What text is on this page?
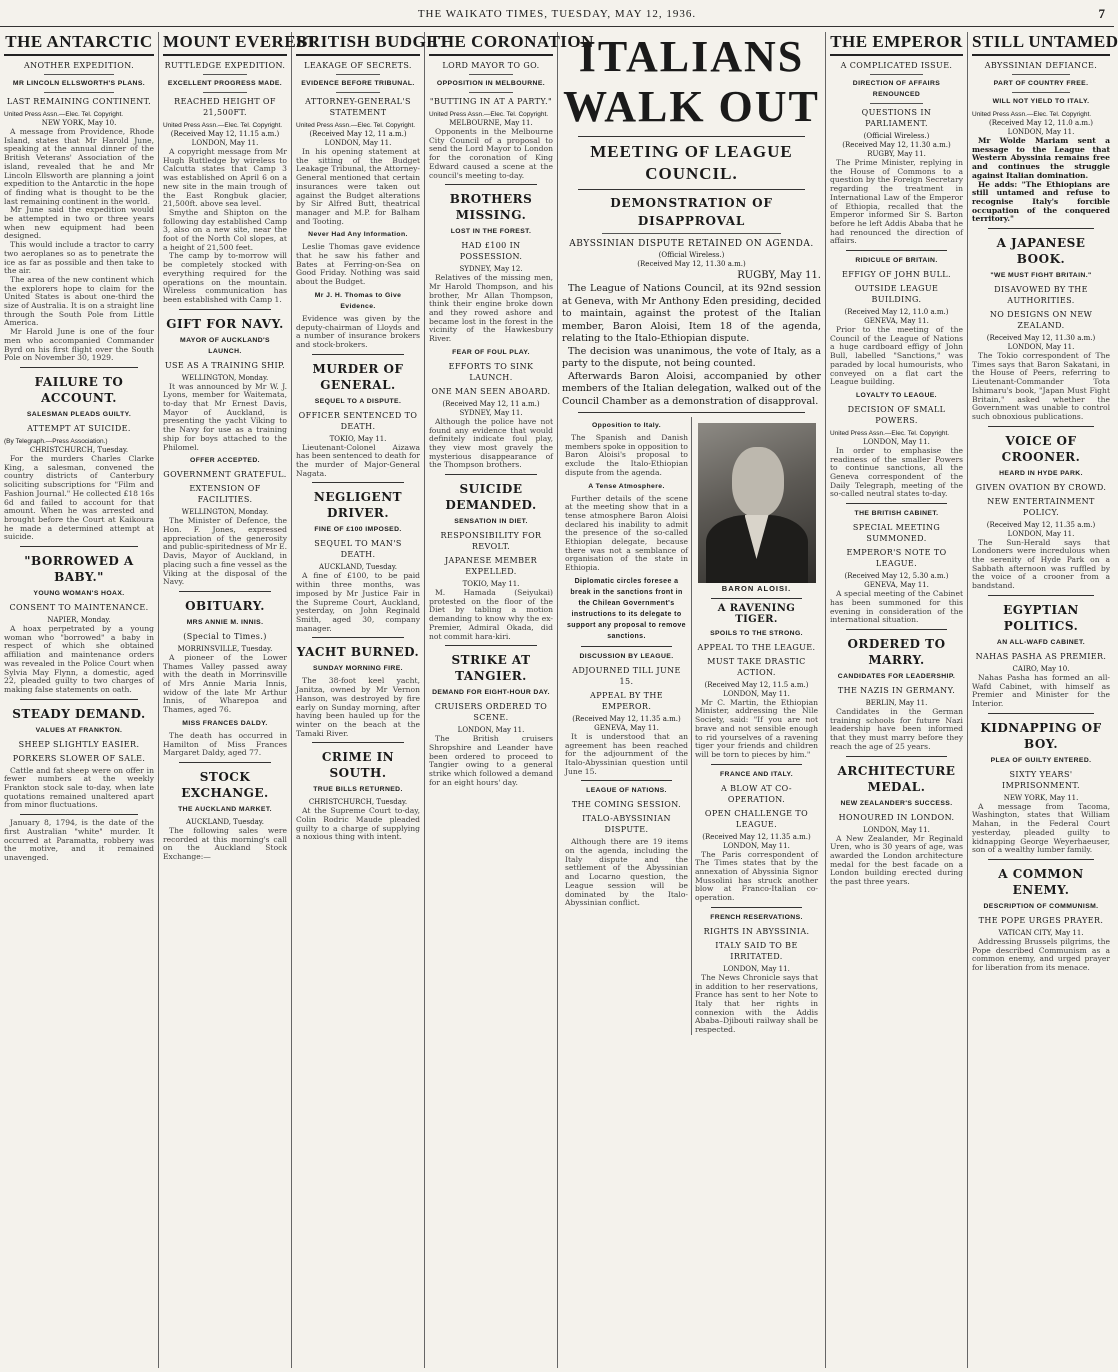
THE WAIKATO TIMES, TUESDAY, MAY 12, 1936.	7
THE ANTARCTIC
ANOTHER EXPEDITION.
MR LINCOLN ELLSWORTH'S PLANS.
LAST REMAINING CONTINENT.
United Press Assn.—Elec. Tel. Copyright.
NEW YORK, May 10.

A message from Providence, Rhode Island, states that Mr Harold June, speaking at the annual dinner of the British Veterans' Association of the island, revealed that he and Mr Lincoln Ellsworth are planning a joint expedition to the Antarctic in the hope of finding what is thought to be the last remaining continent in the world.

Mr June said the expedition would be attempted in two or three years when new equipment had been designed.

This would include a tractor to carry two aeroplanes so as to penetrate the ice as far as possible and then take to the air.

The area of the new continent which the explorers hope to claim for the United States is about one-third the size of Australia. It is on a straight line through the South Pole from Little America.

Mr Harold June is one of the four men who accompanied Commander Byrd on his first flight over the South Pole on November 30, 1929.

FAILURE TO ACCOUNT.
SALESMAN PLEADS GUILTY.
ATTEMPT AT SUICIDE.
(By Telegraph.—Press Association.)
CHRISTCHURCH, Tuesday.

For the murders Charles Clarke King, a salesman, convened the country districts of Canterbury soliciting subscriptions for "Film and Fashion Journal." He collected £18 16s 6d and failed to account for that amount. When he was arrested and brought before the Court at Kaikoura he made a determined attempt at suicide.

"BORROWED A BABY."
YOUNG WOMAN'S HOAX.
CONSENT TO MAINTENANCE.
NAPIER, Monday.

A hoax perpetrated by a young woman who "borrowed" a baby in respect of which she obtained affiliation and maintenance orders was revealed in the Police Court when Sylvia May Flynn, a domestic, aged 22, pleaded guilty to two charges of making false statements on oath.

STEADY DEMAND.
VALUES AT FRANKTON.
SHEEP SLIGHTLY EASIER.
PORKERS SLOWER OF SALE.

Cattle and fat sheep were on offer in fewer numbers at the weekly Frankton stock sale to-day, when late quotations remained unaltered apart from minor fluctuations.

January 8, 1794, is the date of the first Australian "white" murder. It occurred at Paramatta, robbery was the motive, and it remained unavenged.

MOUNT EVEREST
RUTTLEDGE EXPEDITION.
EXCELLENT PROGRESS MADE.
REACHED HEIGHT OF 21,500FT.
United Press Assn.—Elec. Tel. Copyright.
(Received May 12, 11.15 a.m.)
LONDON, May 11.

A copyright message from Mr Hugh Ruttledge by wireless to Calcutta states that Camp 3 was established on April 6 on a new site in the main trough of the East Rongbuk glacier, 21,500ft. above sea level.

Smythe and Shipton on the following day established Camp 3, also on a new site, near the foot of the North Col slopes, at a height of 21,500 feet.

The camp by to-morrow will be completely stocked with everything required for the operations on the mountain. Wireless communication has been established with Camp 1.

GIFT FOR NAVY.
MAYOR OF AUCKLAND'S LAUNCH.
USE AS A TRAINING SHIP.
WELLINGTON, Monday.

It was announced by Mr W. J. Lyons, member for Waitemata, to-day that Mr Ernest Davis, Mayor of Auckland, is presenting the yacht Viking to the Navy for use as a training ship for boys attached to the Philomel.

OFFER ACCEPTED.
GOVERNMENT GRATEFUL.
EXTENSION OF FACILITIES.
WELLINGTON, Monday.

The Minister of Defence, the Hon. F. Jones, expressed appreciation of the generosity and public-spiritedness of Mr E. Davis, Mayor of Auckland, in placing such a fine vessel as the Viking at the disposal of the Navy.

OBITUARY.
MRS ANNIE M. INNIS.
(Special to Times.)
MORRINSVILLE, Tuesday.

A pioneer of the Lower Thames Valley passed away with the death in Morrinsville of Mrs Annie Maria Innis, widow of the late Mr Arthur Innis, of Wharepoa and Thames, aged 76.

MISS FRANCES DALDY.

The death has occurred in Hamilton of Miss Frances Margaret Daldy, aged 77.

STOCK EXCHANGE.
THE AUCKLAND MARKET.
AUCKLAND, Tuesday.

The following sales were recorded at this morning's call on the Auckland Stock Exchange:—

BRITISH BUDGET
LEAKAGE OF SECRETS.
EVIDENCE BEFORE TRIBUNAL.
ATTORNEY-GENERAL'S STATEMENT
United Press Assn.—Elec. Tel. Copyright.
(Received May 12, 11 a.m.)
LONDON, May 11.

In his opening statement at the sitting of the Budget Leakage Tribunal, the Attorney-General mentioned that certain insurances were taken out against the Budget alterations by Sir Alfred Butt, theatrical manager and M.P. for Balham and Tooting.

Never Had Any Information.

Leslie Thomas gave evidence that he saw his father and Bates at Ferring-on-Sea on Good Friday. Nothing was said about the Budget.

Mr J. H. Thomas to Give Evidence.

Evidence was given by the deputy-chairman of Lloyds and a number of insurance brokers and stock-brokers.

MURDER OF GENERAL.
SEQUEL TO A DISPUTE.
OFFICER SENTENCED TO DEATH.
TOKIO, May 11.

Lieutenant-Colonel Aizawa has been sentenced to death for the murder of Major-General Nagata.

NEGLIGENT DRIVER.
FINE OF £100 IMPOSED.
SEQUEL TO MAN'S DEATH.
AUCKLAND, Tuesday.

A fine of £100, to be paid within three months, was imposed by Mr Justice Fair in the Supreme Court, Auckland, yesterday, on John Reginald Smith, aged 30, company manager.

YACHT BURNED.
SUNDAY MORNING FIRE.

The 38-foot keel yacht, Janitza, owned by Mr Vernon Hanson, was destroyed by fire early on Sunday morning, after having been hauled up for the winter on the beach at the Tamaki River.

CRIME IN SOUTH.
TRUE BILLS RETURNED.
CHRISTCHURCH, Tuesday.

At the Supreme Court to-day, Colin Rodric Maude pleaded guilty to a charge of supplying a noxious thing with intent.

THE CORONATION
LORD MAYOR TO GO.
OPPOSITION IN MELBOURNE.
"BUTTING IN AT A PARTY."
United Press Assn.—Elec. Tel. Copyright.
MELBOURNE, May 11.

Opponents in the Melbourne City Council of a proposal to send the Lord Mayor to London for the coronation of King Edward caused a scene at the council's meeting to-day.

BROTHERS MISSING.
LOST IN THE FOREST.
HAD £100 IN POSSESSION.
SYDNEY, May 12.

Relatives of the missing men, Mr Harold Thompson, and his brother, Mr Allan Thompson, think their engine broke down and they rowed ashore and became lost in the forest in the vicinity of the Hawkesbury River.

FEAR OF FOUL PLAY.
EFFORTS TO SINK LAUNCH.
ONE MAN SEEN ABOARD.
(Received May 12, 11 a.m.)
SYDNEY, May 11.

Although the police have not found any evidence that would definitely indicate foul play, they view most gravely the mysterious disappearance of the Thompson brothers.

SUICIDE DEMANDED.
SENSATION IN DIET.
RESPONSIBILITY FOR REVOLT.
JAPANESE MEMBER EXPELLED.
TOKIO, May 11.

M. Hamada (Seiyukai) protested on the floor of the Diet by tabling a motion demanding to know why the ex-Premier, Admiral Okada, did not commit hara-kiri.

STRIKE AT TANGIER.
DEMAND FOR EIGHT-HOUR DAY.
CRUISERS ORDERED TO SCENE.
LONDON, May 11.

The British cruisers Shropshire and Leander have been ordered to proceed to Tangier owing to a general strike which followed a demand for an eight hours' day.

ITALIANS WALK OUT
MEETING OF LEAGUE COUNCIL.
DEMONSTRATION OF DISAPPROVAL
ABYSSINIAN DISPUTE RETAINED ON AGENDA.
(Official Wireless.)
(Received May 12, 11.30 a.m.)
RUGBY, May 11.

The League of Nations Council, at its 92nd session at Geneva, with Mr Anthony Eden presiding, decided to maintain, against the protest of the Italian member, Baron Aloisi, Item 18 of the agenda, relating to the Italo-Ethiopian dispute.

The decision was unanimous, the vote of Italy, as a party to the dispute, not being counted.

Afterwards Baron Aloisi, accompanied by other members of the Italian delegation, walked out of the Council Chamber as a demonstration of disapproval.

Opposition to Italy.

The Spanish and Danish members spoke in opposition to Baron Aloisi's proposal to exclude the Italo-Ethiopian dispute from the agenda.

A Tense Atmosphere.

Further details of the scene at the meeting show that in a tense atmosphere Baron Aloisi declared his inability to admit the presence of the so-called Ethiopian delegate, because there was not a semblance of organisation of the state in Ethiopia.

Diplomatic circles foresee a break in the sanctions front in the Chilean Government's instructions to its delegate to support any proposal to remove sanctions.
DISCUSSION BY LEAGUE.
ADJOURNED TILL JUNE 15.
APPEAL BY THE EMPEROR.
(Received May 12, 11.35 a.m.)
GENEVA, May 11.

It is understood that an agreement has been reached for the adjournment of the Italo-Abyssinian question until June 15.

LEAGUE OF NATIONS.
THE COMING SESSION.
ITALO-ABYSSINIAN DISPUTE.

Although there are 19 items on the agenda, including the Italy dispute and the settlement of the Abyssinian and Locarno question, the League session will be dominated by the Italo-Abyssinian conflict.

BARON ALOISI.
A RAVENING TIGER.
SPOILS TO THE STRONG.
APPEAL TO THE LEAGUE.
MUST TAKE DRASTIC ACTION.
(Received May 12, 11.5 a.m.)
LONDON, May 11.

Mr C. Martin, the Ethiopian Minister, addressing the Nile Society, said: "If you are not brave and not sensible enough to rid yourselves of a ravening tiger your friends and children will be torn to pieces by him."

FRANCE AND ITALY.
A BLOW AT CO-OPERATION.
OPEN CHALLENGE TO LEAGUE.
(Received May 12, 11.35 a.m.)
LONDON, May 11.

The Paris correspondent of The Times states that by the annexation of Abyssinia Signor Mussolini has struck another blow at Franco-Italian co-operation.

FRENCH RESERVATIONS.
RIGHTS IN ABYSSINIA.
ITALY SAID TO BE IRRITATED.
LONDON, May 11.

The News Chronicle says that in addition to her reservations, France has sent to her Note to Italy that her rights in connexion with the Addis Ababa–Djibouti railway shall be respected.

THE EMPEROR
A COMPLICATED ISSUE.
DIRECTION OF AFFAIRS RENOUNCED
QUESTIONS IN PARLIAMENT.
(Official Wireless.)
(Received May 12, 11.30 a.m.)
RUGBY, May 11.

The Prime Minister, replying in the House of Commons to a question by the Foreign Secretary regarding the treatment in International Law of the Emperor of Ethiopia, recalled that the Emperor informed Sir S. Barton before he left Addis Ababa that he had renounced the direction of affairs.

RIDICULE OF BRITAIN.
EFFIGY OF JOHN BULL.
OUTSIDE LEAGUE BUILDING.
(Received May 12, 11.0 a.m.)
GENEVA, May 11.

Prior to the meeting of the Council of the League of Nations a huge cardboard effigy of John Bull, labelled "Sanctions," was paraded by local humourists, who conveyed on a flat cart the League building.

LOYALTY TO LEAGUE.
DECISION OF SMALL POWERS.
United Press Assn.—Elec. Tel. Copyright.
LONDON, May 11.

In order to emphasise the readiness of the smaller Powers to continue sanctions, all the Geneva correspondent of the Daily Telegraph, meeting of the so-called neutral states to-day.

THE BRITISH CABINET.
SPECIAL MEETING SUMMONED.
EMPEROR'S NOTE TO LEAGUE.
(Received May 12, 5.30 a.m.)
GENEVA, May 11.

A special meeting of the Cabinet has been summoned for this evening in consideration of the international situation.

ORDERED TO MARRY.
CANDIDATES FOR LEADERSHIP.
THE NAZIS IN GERMANY.
BERLIN, May 11.

Candidates in the German training schools for future Nazi leadership have been informed that they must marry before they reach the age of 25 years.

ARCHITECTURE MEDAL.
NEW ZEALANDER'S SUCCESS.
HONOURED IN LONDON.
LONDON, May 11.

A New Zealander, Mr Reginald Uren, who is 30 years of age, was awarded the London architecture medal for the best facade on a London building erected during the past three years.

STILL UNTAMED
ABYSSINIAN DEFIANCE.
PART OF COUNTRY FREE.
WILL NOT YIELD TO ITALY.
United Press Assn.—Elec. Tel. Copyright.
(Received May 12, 11.0 a.m.)
LONDON, May 11.

Mr Wolde Mariam sent a message to the League that Western Abyssinia remains free and continues the struggle against Italian domination.

He adds: "The Ethiopians are still untamed and refuse to recognise Italy's forcible occupation of the conquered territory."

A JAPANESE BOOK.
"WE MUST FIGHT BRITAIN."
DISAVOWED BY THE AUTHORITIES.
NO DESIGNS ON NEW ZEALAND.
(Received May 12, 11.30 a.m.)
LONDON, May 11.

The Tokio correspondent of The Times says that Baron Sakatani, in the House of Peers, referring to Lieutenant-Commander Tota Ishimaru's book, "Japan Must Fight Britain," asked whether the Government was unable to control such obnoxious publications.

VOICE OF CROONER.
HEARD IN HYDE PARK.
GIVEN OVATION BY CROWD.
NEW ENTERTAINMENT POLICY.
(Received May 12, 11.35 a.m.)
LONDON, May 11.

The Sun-Herald says that Londoners were incredulous when the serenity of Hyde Park on a Sabbath afternoon was ruffled by the voice of a crooner from a bandstand.

EGYPTIAN POLITICS.
AN ALL-WAFD CABINET.
NAHAS PASHA AS PREMIER.
CAIRO, May 10.

Nahas Pasha has formed an all-Wafd Cabinet, with himself as Premier and Minister for the Interior.

KIDNAPPING OF BOY.
PLEA OF GUILTY ENTERED.
SIXTY YEARS' IMPRISONMENT.
NEW YORK, May 11.

A message from Tacoma, Washington, states that William Mahan, in the Federal Court yesterday, pleaded guilty to kidnapping George Weyerhaeuser, son of a wealthy lumber family.

A COMMON ENEMY.
DESCRIPTION OF COMMUNISM.
THE POPE URGES PRAYER.
VATICAN CITY, May 11.

Addressing Brussels pilgrims, the Pope described Communism as a common enemy, and urged prayer for liberation from its menace.
